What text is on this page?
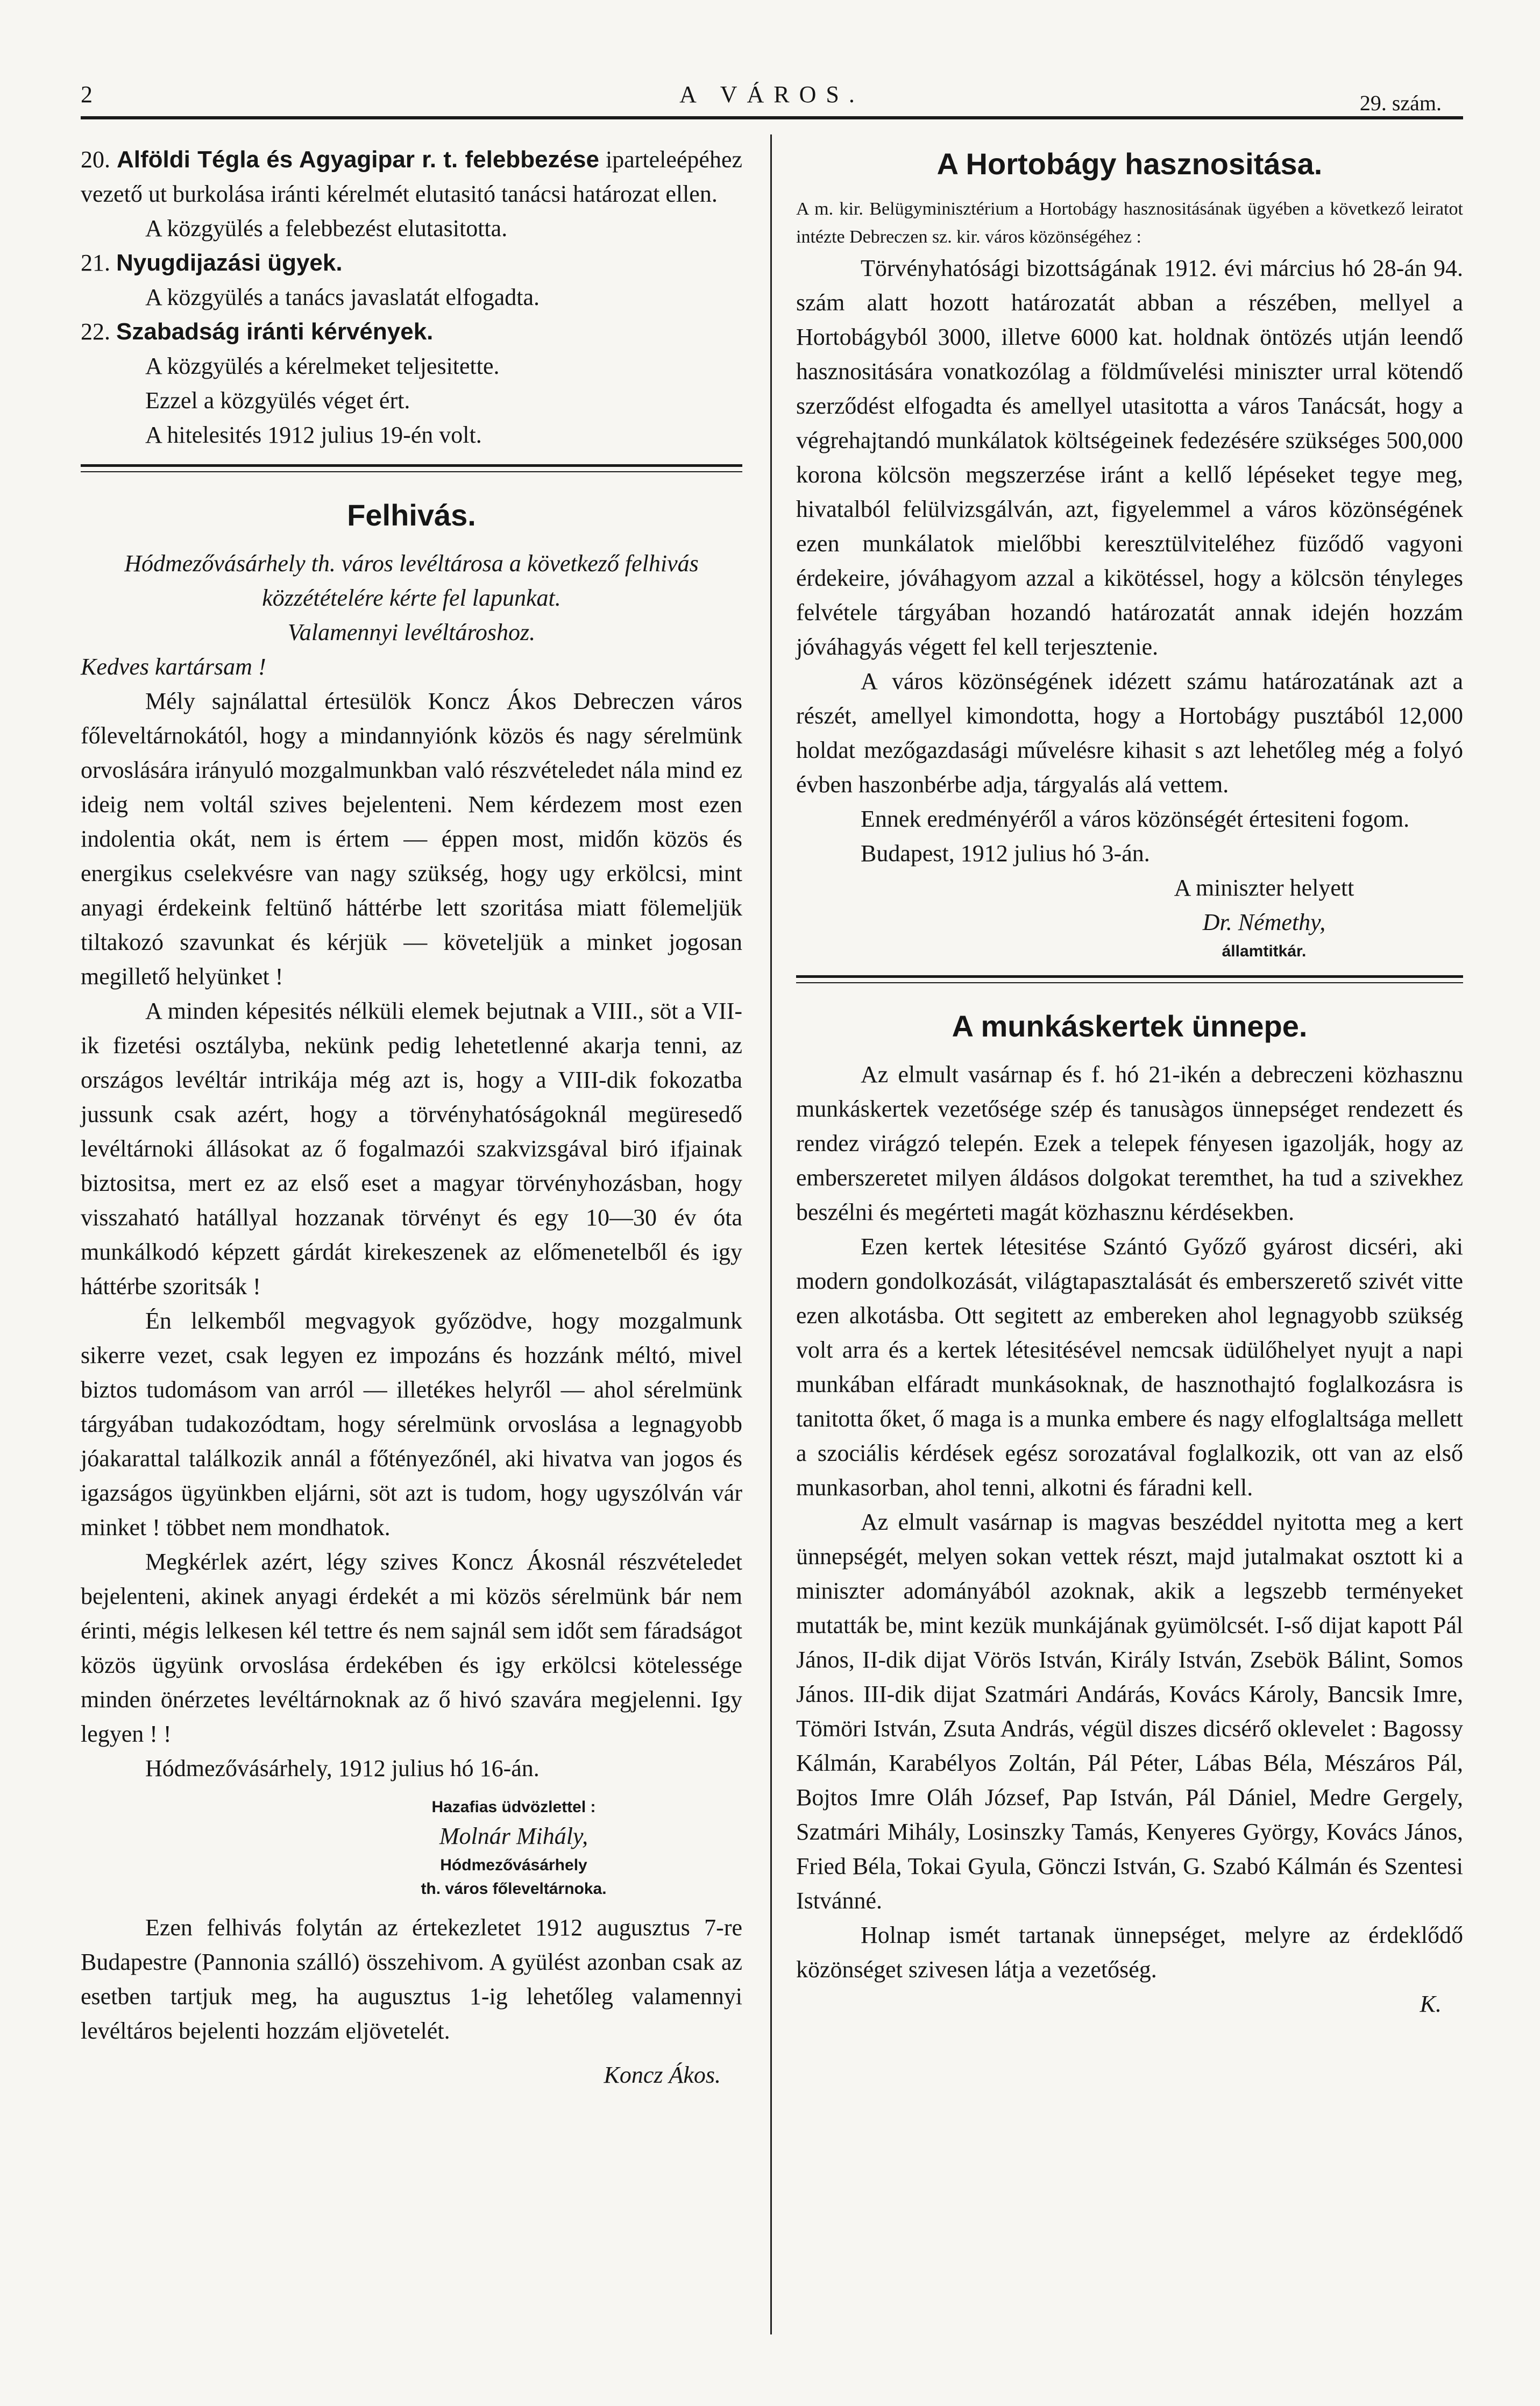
2	A VÁROS.	29. szám.

20. Alföldi Tégla és Agyagipar r. t. felebbezése iparteleépéhez vezető ut burkolása iránti kérelmét elutasitó tanácsi határozat ellen.

A közgyülés a felebbezést elutasitotta.

21. Nyugdijazási ügyek.

A közgyülés a tanács javaslatát elfogadta.

22. Szabadság iránti kérvények.

A közgyülés a kérelmeket teljesitette.

Ezzel a közgyülés véget ért.

A hitelesités 1912 julius 19-én volt.

Felhivás.

Hódmezővásárhely th. város levéltárosa a következő felhivás közzétételére kérte fel lapunkat.

Valamennyi levéltároshoz.

Kedves kartársam !

Mély sajnálattal értesülök Koncz Ákos Debreczen város főleveltárnokától, hogy a mindannyiónk közös és nagy sérelmünk orvoslására irányuló mozgalmunkban való részvételedet nála mind ez ideig nem voltál szives bejelenteni. Nem kérdezem most ezen indolentia okát, nem is értem — éppen most, midőn közös és energikus cselekvésre van nagy szükség, hogy ugy erkölcsi, mint anyagi érdekeink feltünő háttérbe lett szoritása miatt fölemeljük tiltakozó szavunkat és kérjük — követeljük a minket jogosan megillető helyünket !

A minden képesités nélküli elemek bejutnak a VIII., söt a VII-ik fizetési osztályba, nekünk pedig lehetetlenné akarja tenni, az országos levéltár intrikája még azt is, hogy a VIII-dik fokozatba jussunk csak azért, hogy a törvényhatóságoknál megüresedő levéltárnoki állásokat az ő fogalmazói szakvizsgával biró ifjainak biztositsa, mert ez az első eset a magyar törvényhozásban, hogy visszaható hatállyal hozzanak törvényt és egy 10—30 év óta munkálkodó képzett gárdát kirekeszenek az előmenetelből és igy háttérbe szoritsák !

Én lelkemből megvagyok győzödve, hogy mozgalmunk sikerre vezet, csak legyen ez impozáns és hozzánk méltó, mivel biztos tudomásom van arról — illetékes helyről — ahol sérelmünk tárgyában tudakozódtam, hogy sérelmünk orvoslása a legnagyobb jóakarattal találkozik annál a főtényezőnél, aki hivatva van jogos és igazságos ügyünkben eljárni, söt azt is tudom, hogy ugyszólván vár minket ! többet nem mondhatok.

Megkérlek azért, légy szives Koncz Ákosnál részvételedet bejelenteni, akinek anyagi érdekét a mi közös sérelmünk bár nem érinti, mégis lelkesen kél tettre és nem sajnál sem időt sem fáradságot közös ügyünk orvoslása érdekében és igy erkölcsi kötelessége minden önérzetes levéltárnoknak az ő hivó szavára megjelenni. Igy legyen ! !

Hódmezővásárhely, 1912 julius hó 16-án.

Hazafias üdvözlettel :

Molnár Mihály,

Hódmezővásárhely

th. város főleveltárnoka.

Ezen felhivás folytán az értekezletet 1912 augusztus 7-re Budapestre (Pannonia szálló) összehivom. A gyülést azonban csak az esetben tartjuk meg, ha augusztus 1-ig lehetőleg valamennyi levéltáros bejelenti hozzám eljövetelét.

Koncz Ákos.

A Hortobágy hasznositása.

A m. kir. Belügyminisztérium a Hortobágy hasznositásának ügyében a következő leiratot intézte Debreczen sz. kir. város közönségéhez :

Törvényhatósági bizottságának 1912. évi március hó 28-án 94. szám alatt hozott határozatát abban a részében, mellyel a Hortobágyból 3000, illetve 6000 kat. holdnak öntözés utján leendő hasznositására vonatkozólag a földművelési miniszter urral kötendő szerződést elfogadta és amellyel utasitotta a város Tanácsát, hogy a végrehajtandó munkálatok költségeinek fedezésére szükséges 500,000 korona kölcsön megszerzése iránt a kellő lépéseket tegye meg, hivatalból felülvizsgálván, azt, figyelemmel a város közönségének ezen munkálatok mielőbbi keresztülviteléhez füződő vagyoni érdekeire, jóváhagyom azzal a kikötéssel, hogy a kölcsön tényleges felvétele tárgyában hozandó határozatát annak idején hozzám jóváhagyás végett fel kell terjesztenie.

A város közönségének idézett számu határozatának azt a részét, amellyel kimondotta, hogy a Hortobágy pusztából 12,000 holdat mezőgazdasági művelésre kihasit s azt lehetőleg még a folyó évben haszonbérbe adja, tárgyalás alá vettem.

Ennek eredményéről a város közönségét értesiteni fogom.

Budapest, 1912 julius hó 3-án.

A miniszter helyett

Dr. Némethy,

államtitkár.

A munkáskertek ünnepe.

Az elmult vasárnap és f. hó 21-ikén a debreczeni közhasznu munkáskertek vezetősége szép és tanusàgos ünnepséget rendezett és rendez virágzó telepén. Ezek a telepek fényesen igazolják, hogy az emberszeretet milyen áldásos dolgokat teremthet, ha tud a szivekhez beszélni és megérteti magát közhasznu kérdésekben.

Ezen kertek létesitése Szántó Győző gyárost dicséri, aki modern gondolkozását, világtapasztalását és emberszerető szivét vitte ezen alkotásba. Ott segitett az embereken ahol legnagyobb szükség volt arra és a kertek létesitésével nemcsak üdülőhelyet nyujt a napi munkában elfáradt munkásoknak, de hasznothajtó foglalkozásra is tanitotta őket, ő maga is a munka embere és nagy elfoglaltsága mellett a szociális kérdések egész sorozatával foglalkozik, ott van az első munkasorban, ahol tenni, alkotni és fáradni kell.

Az elmult vasárnap is magvas beszéddel nyitotta meg a kert ünnepségét, melyen sokan vettek részt, majd jutalmakat osztott ki a miniszter adományából azoknak, akik a legszebb terményeket mutatták be, mint kezük munkájának gyümölcsét. I-ső dijat kapott Pál János, II-dik dijat Vörös István, Király István, Zsebök Bálint, Somos János. III-dik dijat Szatmári Andárás, Kovács Károly, Bancsik Imre, Tömöri István, Zsuta András, végül diszes dicsérő oklevelet : Bagossy Kálmán, Karabélyos Zoltán, Pál Péter, Lábas Béla, Mészáros Pál, Bojtos Imre Oláh József, Pap István, Pál Dániel, Medre Gergely, Szatmári Mihály, Losinszky Tamás, Kenyeres György, Kovács János, Fried Béla, Tokai Gyula, Gönczi István, G. Szabó Kálmán és Szentesi Istvánné.

Holnap ismét tartanak ünnepséget, melyre az érdeklődő közönséget szivesen látja a vezetőség.

K.
